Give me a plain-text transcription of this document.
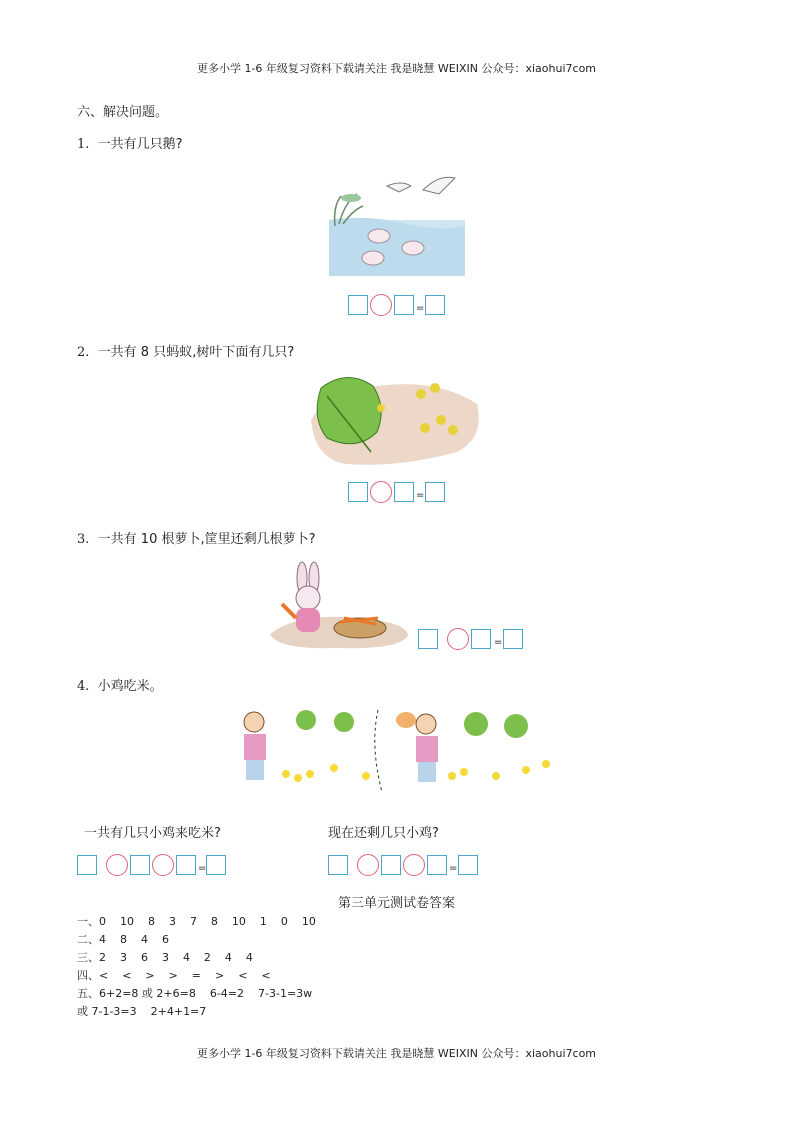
更多小学 1-6 年级复习资料下载请关注 我是晓慧 WEIXIN 公众号：xiaohui7com
六、解决问题。
1. 一共有几只鹅?
=
2. 一共有 8 只蚂蚁,树叶下面有几只?
=
3. 一共有 10 根萝卜,筐里还剩几根萝卜?
=
4. 小鸡吃米。
一共有几只小鸡来吃米?	现在还剩几只小鸡?
=	=
第三单元测试卷答案
一、0    10    8    3    7    8    10    1    0    10
二、4    8    4    6
三、2    3    6    3    4    2    4    4
四、<    <    >    >    =    >    <    <
五、6+2=8 或 2+6=8    6-4=2    7-3-1=3w
或 7-1-3=3    2+4+1=7
更多小学 1-6 年级复习资料下载请关注 我是晓慧 WEIXIN 公众号：xiaohui7com
